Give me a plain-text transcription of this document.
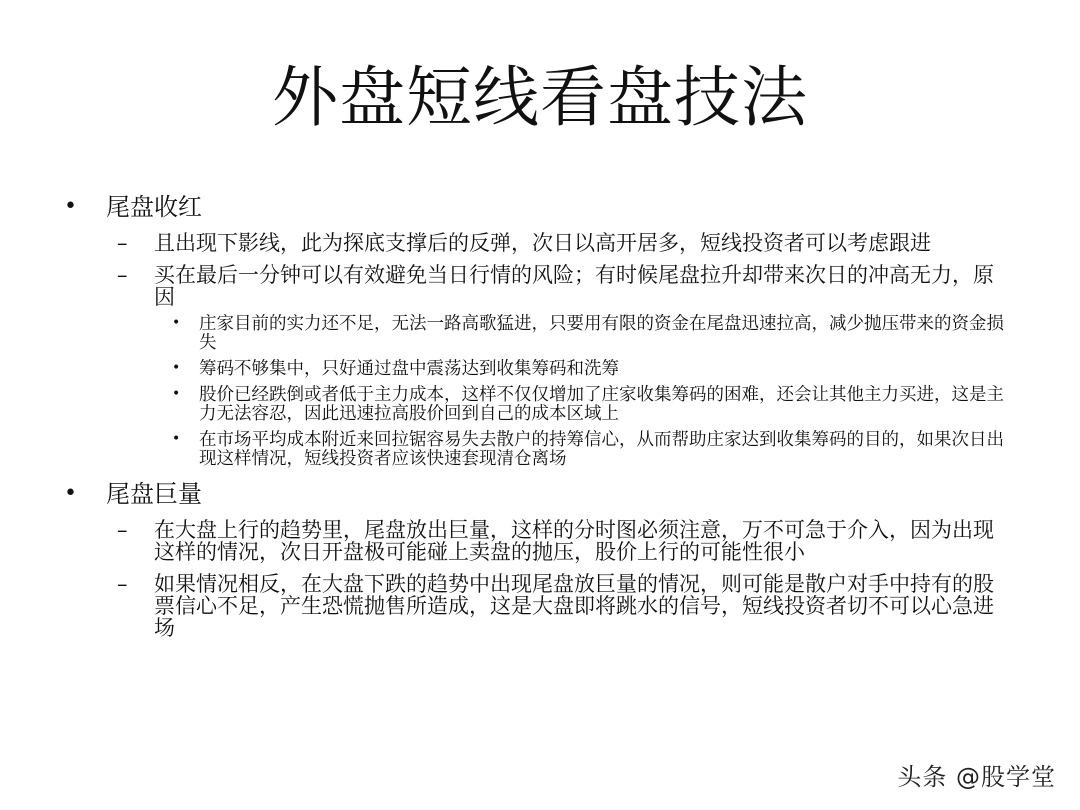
外盘短线看盘技法
• 尾盘收红
– 且出现下影线，此为探底支撑后的反弹，次日以高开居多，短线投资者可以考虑跟进
– 买在最后一分钟可以有效避免当日行情的风险；有时候尾盘拉升却带来次日的冲高无力，原因
• 庄家目前的实力还不足，无法一路高歌猛进，只要用有限的资金在尾盘迅速拉高，减少抛压带来的资金损失
• 筹码不够集中，只好通过盘中震荡达到收集筹码和洗筹
• 股价已经跌倒或者低于主力成本，这样不仅仅增加了庄家收集筹码的困难，还会让其他主力买进，这是主力无法容忍，因此迅速拉高股价回到自己的成本区域上
• 在市场平均成本附近来回拉锯容易失去散户的持筹信心，从而帮助庄家达到收集筹码的目的，如果次日出现这样情况，短线投资者应该快速套现清仓离场
• 尾盘巨量
– 在大盘上行的趋势里，尾盘放出巨量，这样的分时图必须注意，万不可急于介入，因为出现这样的情况，次日开盘极可能碰上卖盘的抛压，股价上行的可能性很小
– 如果情况相反，在大盘下跌的趋势中出现尾盘放巨量的情况，则可能是散户对手中持有的股票信心不足，产生恐慌抛售所造成，这是大盘即将跳水的信号，短线投资者切不可以心急进场
头条 @股学堂
